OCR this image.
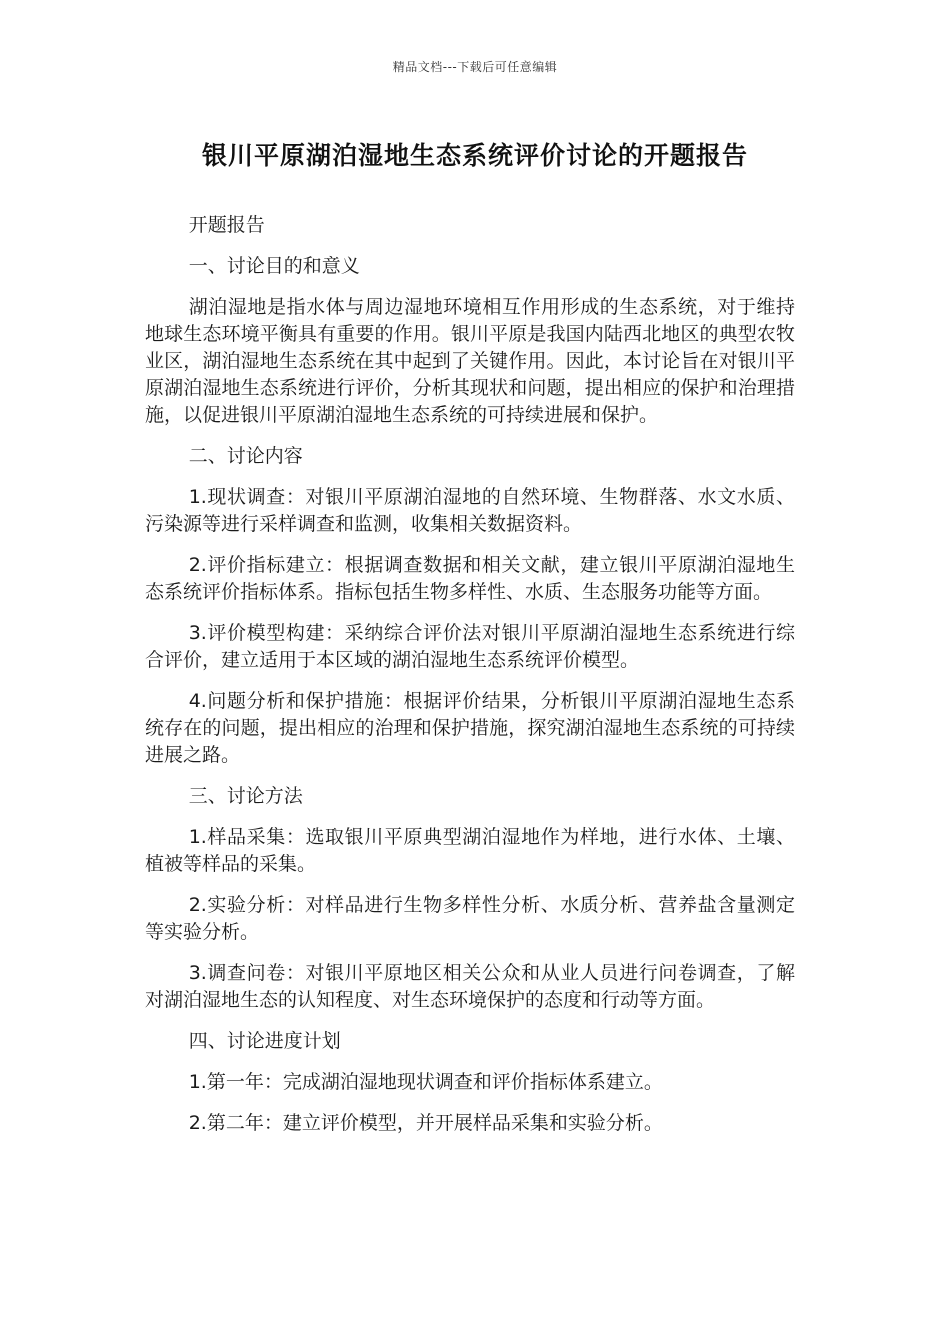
精品文档---下载后可任意编辑
银川平原湖泊湿地生态系统评价讨论的开题报告

开题报告

一、讨论目的和意义

湖泊湿地是指水体与周边湿地环境相互作用形成的生态系统，对于维持地球生态环境平衡具有重要的作用。银川平原是我国内陆西北地区的典型农牧业区，湖泊湿地生态系统在其中起到了关键作用。因此，本讨论旨在对银川平原湖泊湿地生态系统进行评价，分析其现状和问题，提出相应的保护和治理措施，以促进银川平原湖泊湿地生态系统的可持续进展和保护。

二、讨论内容

1.现状调查：对银川平原湖泊湿地的自然环境、生物群落、水文水质、污染源等进行采样调查和监测，收集相关数据资料。

2.评价指标建立：根据调查数据和相关文献，建立银川平原湖泊湿地生态系统评价指标体系。指标包括生物多样性、水质、生态服务功能等方面。

3.评价模型构建：采纳综合评价法对银川平原湖泊湿地生态系统进行综合评价，建立适用于本区域的湖泊湿地生态系统评价模型。

4.问题分析和保护措施：根据评价结果，分析银川平原湖泊湿地生态系统存在的问题，提出相应的治理和保护措施，探究湖泊湿地生态系统的可持续进展之路。

三、讨论方法

1.样品采集：选取银川平原典型湖泊湿地作为样地，进行水体、土壤、植被等样品的采集。

2.实验分析：对样品进行生物多样性分析、水质分析、营养盐含量测定等实验分析。

3.调查问卷：对银川平原地区相关公众和从业人员进行问卷调查，了解对湖泊湿地生态的认知程度、对生态环境保护的态度和行动等方面。

四、讨论进度计划

1.第一年：完成湖泊湿地现状调查和评价指标体系建立。

2.第二年：建立评价模型，并开展样品采集和实验分析。
